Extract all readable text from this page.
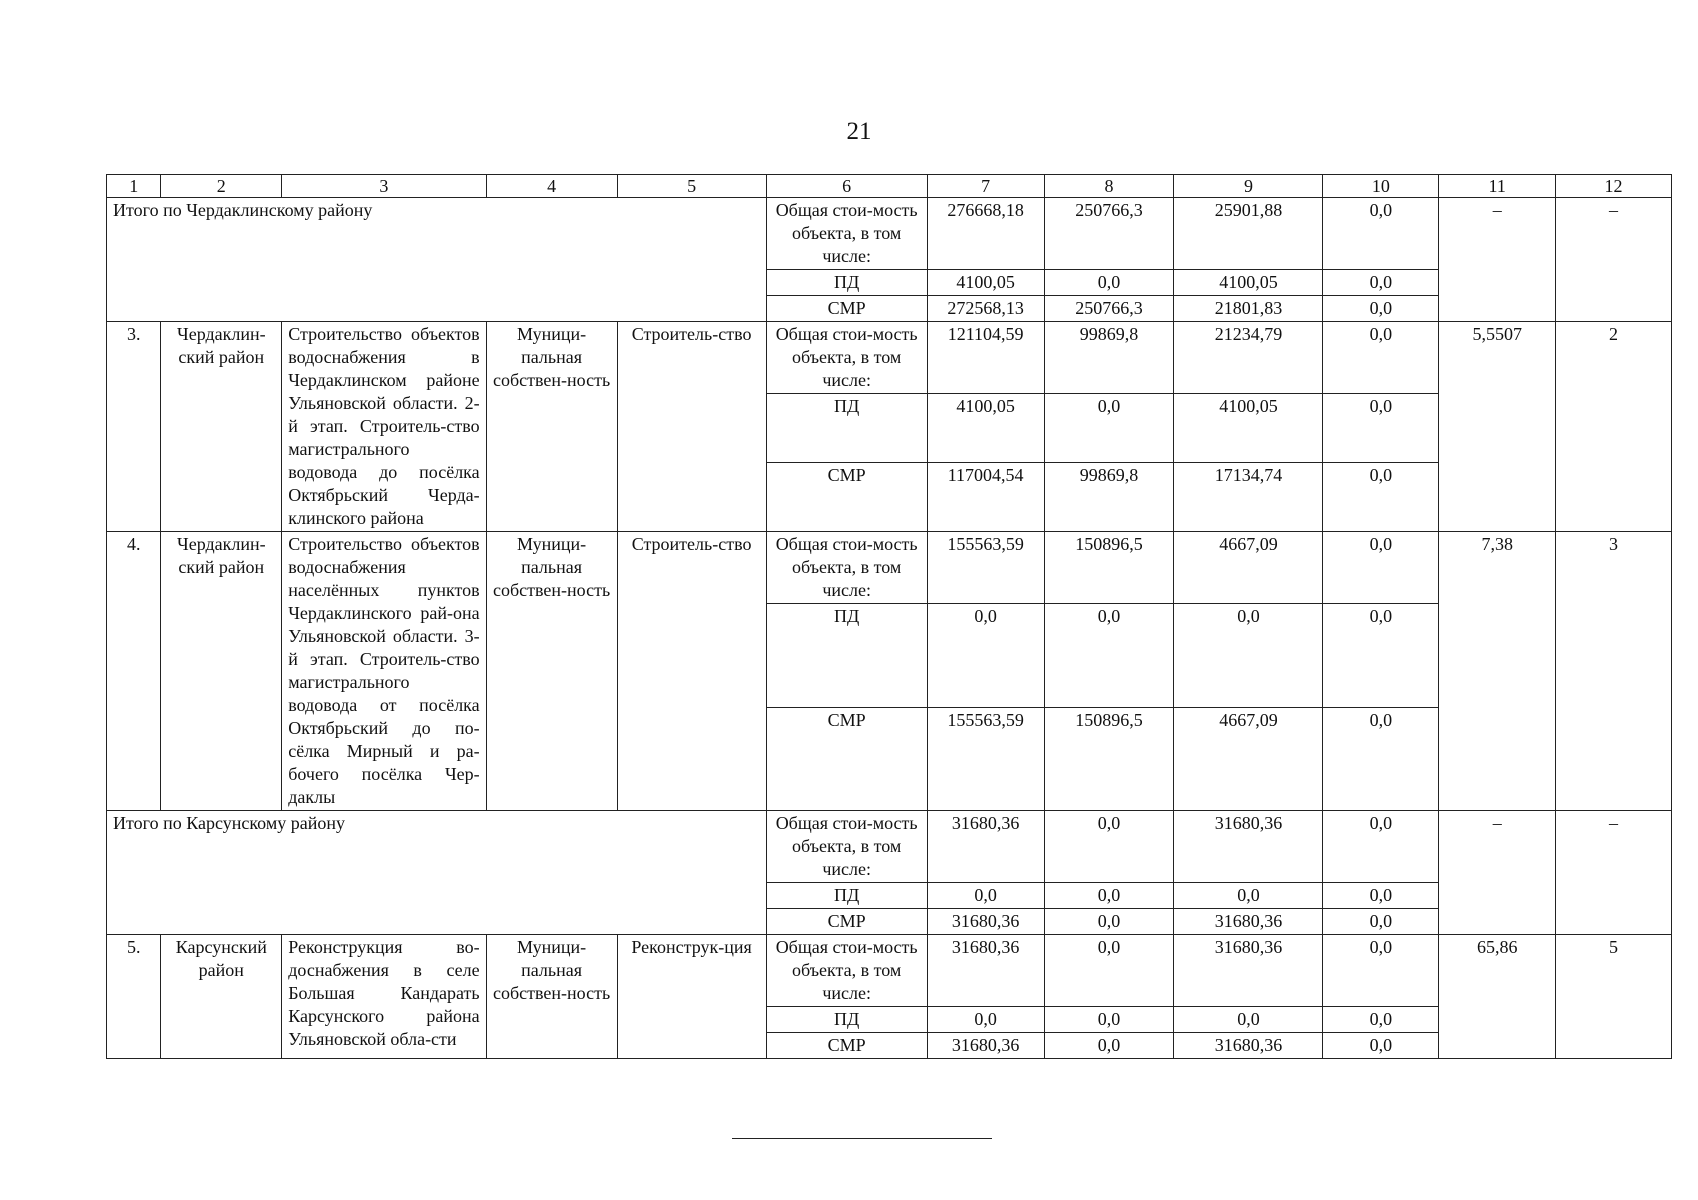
21
1	2	3	4	5	6	7	8	9	10	11	12
Итого по Чердаклинскому району					Общая стои-мость объекта, в том числе:	276668,18	250766,3	25901,88	0,0	–	–
					ПД	4100,05	0,0	4100,05	0,0		
					СМР	272568,13	250766,3	21801,83	0,0		
3.	Чердаклин-ский район	Строительство объектов водоснабжения в Чердаклинском районе Ульяновской области. 2-й этап. Строитель-ство магистрального водовода до посёлка Октябрьский Черда-клинского района	Муници-пальная собствен-ность	Строитель-ство	Общая стои-мость объекта, в том числе:	121104,59	99869,8	21234,79	0,0	5,5507	2
					ПД	4100,05	0,0	4100,05	0,0		
					СМР	117004,54	99869,8	17134,74	0,0		
4.	Чердаклин-ский район	Строительство объектов водоснабжения населённых пунктов Чердаклинского рай-она Ульяновской области. 3-й этап. Строитель-ство магистрального водовода от посёлка Октябрьский до по-сёлка Мирный и ра-бочего посёлка Чер-даклы	Муници-пальная собствен-ность	Строитель-ство	Общая стои-мость объекта, в том числе:	155563,59	150896,5	4667,09	0,0	7,38	3
					ПД	0,0	0,0	0,0	0,0		
					СМР	155563,59	150896,5	4667,09	0,0		
Итого по Карсунскому району					Общая стои-мость объекта, в том числе:	31680,36	0,0	31680,36	0,0	–	–
					ПД	0,0	0,0	0,0	0,0		
					СМР	31680,36	0,0	31680,36	0,0		
5.	Карсунский район	Реконструкция во-доснабжения в селе Большая Кандарать Карсунского района Ульяновской обла-сти	Муници-пальная собствен-ность	Реконструк-ция	Общая стои-мость объекта, в том числе:	31680,36	0,0	31680,36	0,0	65,86	5
					ПД	0,0	0,0	0,0	0,0		
					СМР	31680,36	0,0	31680,36	0,0		
